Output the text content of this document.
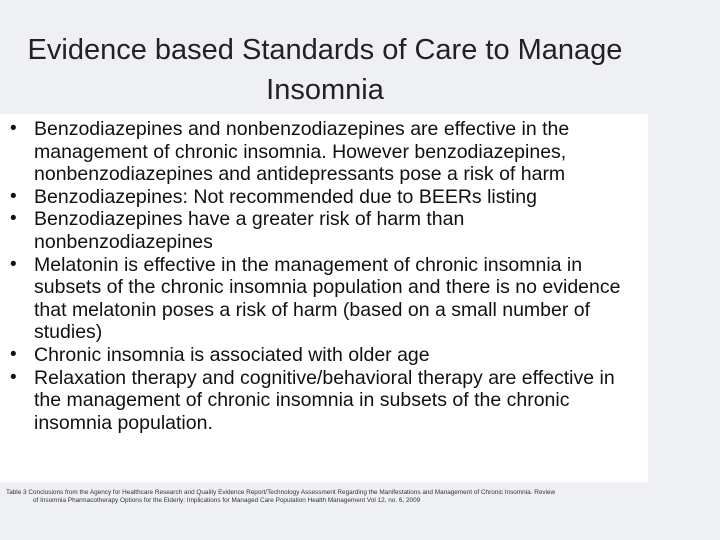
Evidence based Standards of Care to Manage
Insomnia
• Benzodiazepines and nonbenzodiazepines are effective in the management of chronic insomnia. However benzodiazepines, nonbenzodiazepines and antidepressants pose a risk of harm
• Benzodiazepines: Not recommended due to BEERs listing
• Benzodiazepines have a greater risk of harm than nonbenzodiazepines
• Melatonin is effective in the management of chronic insomnia in subsets of the chronic insomnia population and there is no evidence that melatonin poses a risk of harm (based on a small number of studies)
• Chronic insomnia is associated with older age
• Relaxation therapy and cognitive/behavioral therapy are effective in the management of chronic insomnia in subsets of the chronic insomnia population.
Table 3 Conclusions from the Agency for Healthcare Research and Quality Evidence Report/Technology Assessment Regarding the Manifestations and Management of Chronic Insomnia. Review
of Insomnia Pharmacotherapy Options for the Elderly: Implications for Managed Care Population Health Management Vol 12, no. 6, 2009
